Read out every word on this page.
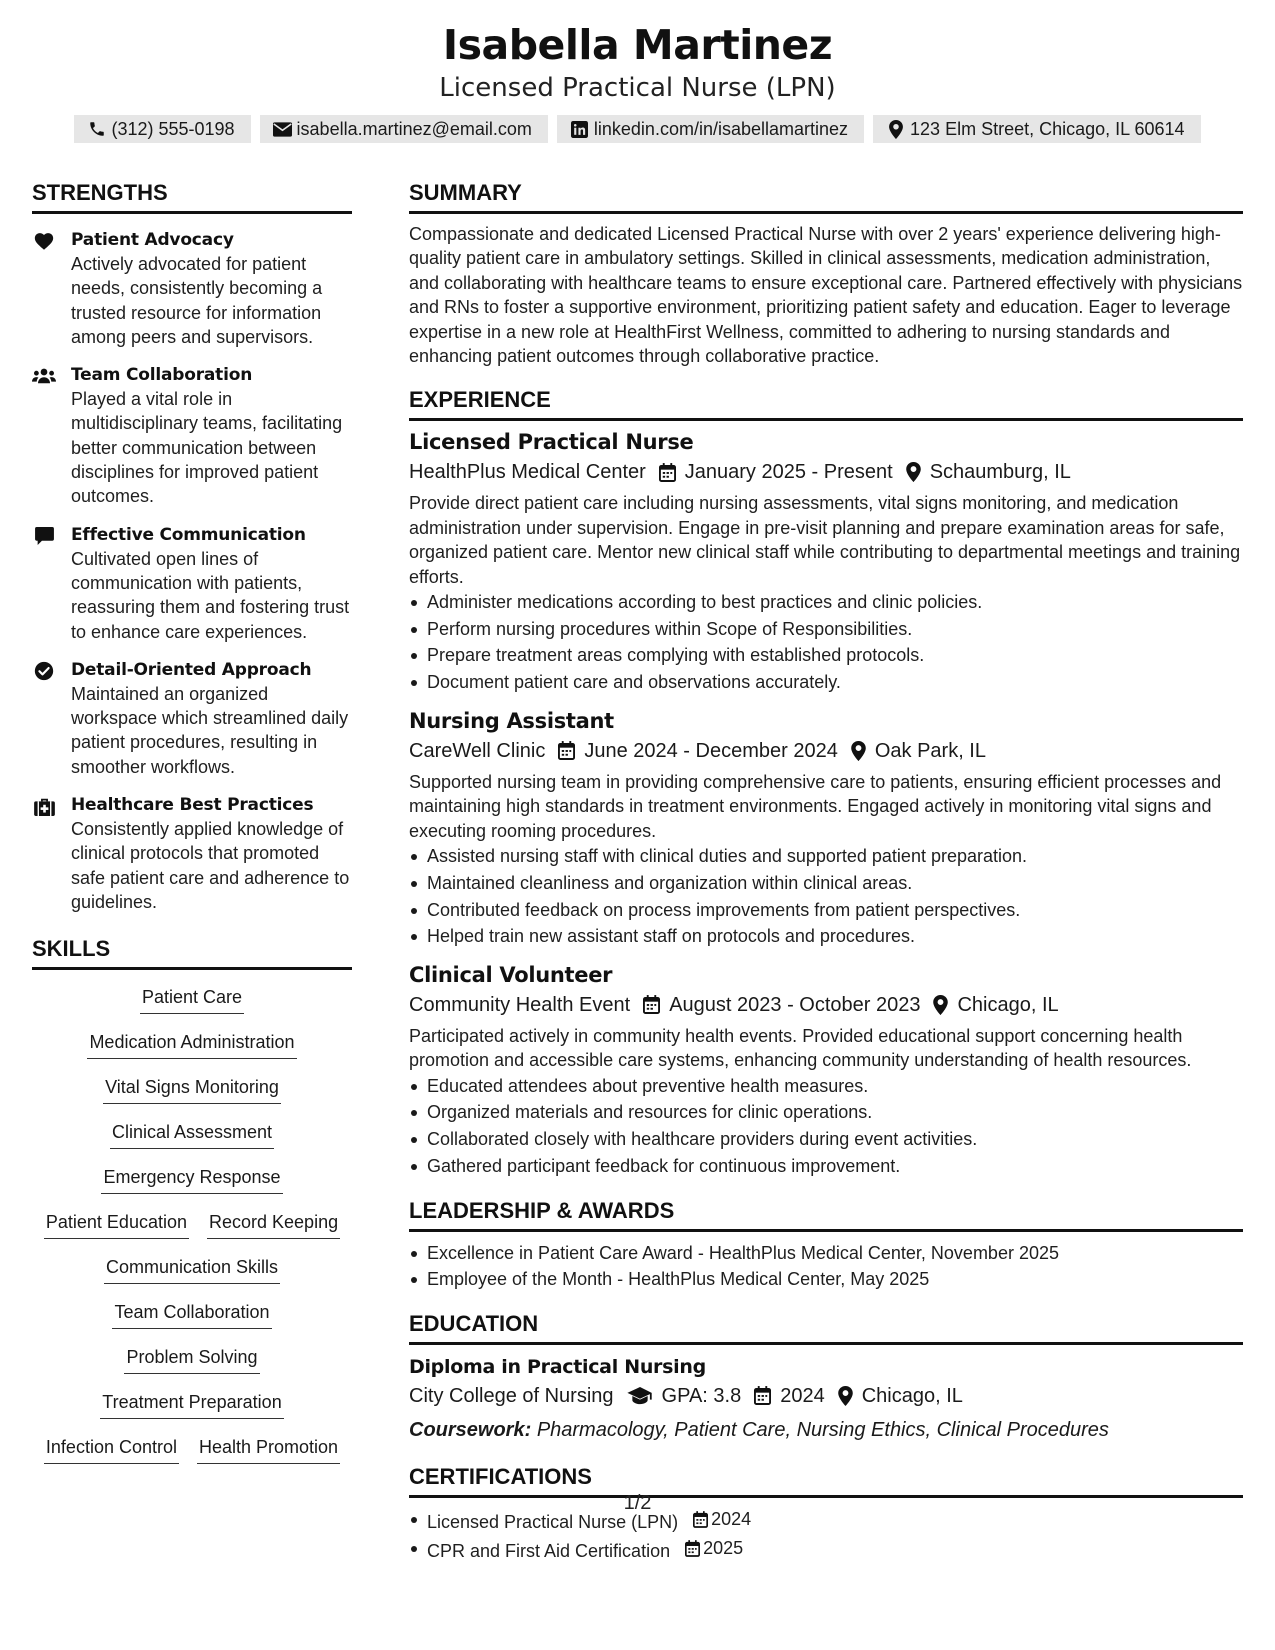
Isabella Martinez
Licensed Practical Nurse (LPN)
(312) 555-0198	isabella.martinez@email.com	linkedin.com/in/isabellamartinez	123 Elm Street, Chicago, IL 60614
STRENGTHS
Patient Advocacy
Actively advocated for patient needs, consistently becoming a trusted resource for information among peers and supervisors.
Team Collaboration
Played a vital role in multidisciplinary teams, facilitating better communication between disciplines for improved patient outcomes.
Effective Communication
Cultivated open lines of communication with patients, reassuring them and fostering trust to enhance care experiences.
Detail-Oriented Approach
Maintained an organized workspace which streamlined daily patient procedures, resulting in smoother workflows.
Healthcare Best Practices
Consistently applied knowledge of clinical protocols that promoted safe patient care and adherence to guidelines.
SKILLS
Patient Care
Medication Administration
Vital Signs Monitoring
Clinical Assessment
Emergency Response
Patient Education Record Keeping
Communication Skills
Team Collaboration
Problem Solving
Treatment Preparation
Infection Control Health Promotion
SUMMARY
Compassionate and dedicated Licensed Practical Nurse with over 2 years' experience delivering high-quality patient care in ambulatory settings. Skilled in clinical assessments, medication administration, and collaborating with healthcare teams to ensure exceptional care. Partnered effectively with physicians and RNs to foster a supportive environment, prioritizing patient safety and education. Eager to leverage expertise in a new role at HealthFirst Wellness, committed to adhering to nursing standards and enhancing patient outcomes through collaborative practice.
EXPERIENCE
Licensed Practical Nurse
HealthPlus Medical Center January 2025 - Present Schaumburg, IL
Provide direct patient care including nursing assessments, vital signs monitoring, and medication administration under supervision. Engage in pre-visit planning and prepare examination areas for safe, organized patient care. Mentor new clinical staff while contributing to departmental meetings and training efforts.
Administer medications according to best practices and clinic policies.
Perform nursing procedures within Scope of Responsibilities.
Prepare treatment areas complying with established protocols.
Document patient care and observations accurately.
Nursing Assistant
CareWell Clinic June 2024 - December 2024 Oak Park, IL
Supported nursing team in providing comprehensive care to patients, ensuring efficient processes and maintaining high standards in treatment environments. Engaged actively in monitoring vital signs and executing rooming procedures.
Assisted nursing staff with clinical duties and supported patient preparation.
Maintained cleanliness and organization within clinical areas.
Contributed feedback on process improvements from patient perspectives.
Helped train new assistant staff on protocols and procedures.
Clinical Volunteer
Community Health Event August 2023 - October 2023 Chicago, IL
Participated actively in community health events. Provided educational support concerning health promotion and accessible care systems, enhancing community understanding of health resources.
Educated attendees about preventive health measures.
Organized materials and resources for clinic operations.
Collaborated closely with healthcare providers during event activities.
Gathered participant feedback for continuous improvement.
LEADERSHIP & AWARDS
Excellence in Patient Care Award - HealthPlus Medical Center, November 2025
Employee of the Month - HealthPlus Medical Center, May 2025
EDUCATION
Diploma in Practical Nursing
City College of Nursing GPA: 3.8 2024 Chicago, IL
Coursework: Pharmacology, Patient Care, Nursing Ethics, Clinical Procedures
CERTIFICATIONS
Licensed Practical Nurse (LPN) 2024
CPR and First Aid Certification 2025
1/2
